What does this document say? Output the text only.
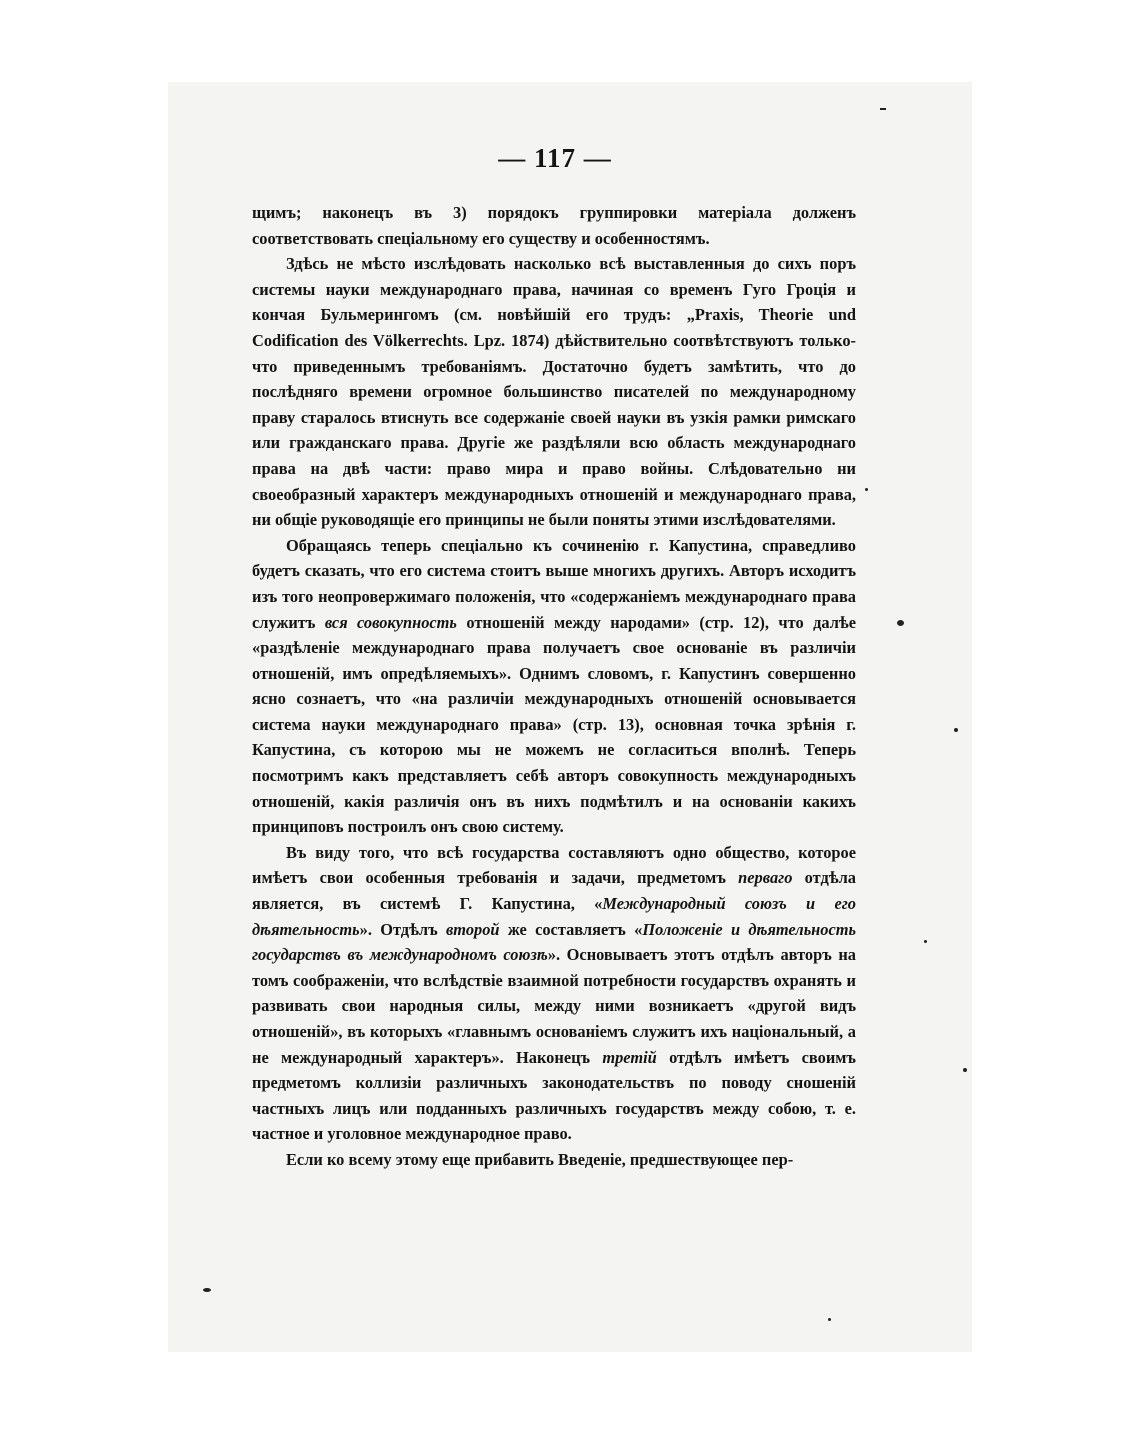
— 117 —

щимъ; наконецъ въ 3) порядокъ группировки матеріала долженъ соответствовать спеціальному его существу и особенностямъ.

Здѣсь не мѣсто изслѣдовать насколько всѣ выставленныя до сихъ поръ системы науки международнаго права, начиная со временъ Гуго Гроція и кончая Бульмерингомъ (см. новѣйшій его трудъ: „Praxis, Theorie und Codification des Völkerrechts. Lpz. 1874) дѣйствительно соотвѣтствуютъ только-что приведеннымъ требованіямъ. Достаточно будетъ замѣтить, что до послѣдняго времени огромное большинство писателей по международному праву старалось втиснуть все содержаніе своей науки въ узкія рамки римскаго или гражданскаго права. Другіе же раздѣляли всю область международнаго права на двѣ части: право мира и право войны. Слѣдовательно ни своеобразный характеръ международныхъ отношеній и международнаго права, ни общіе руководящіе его принципы не были поняты этими изслѣдователями.

Обращаясь теперь спеціально къ сочиненію г. Капустина, справедливо будетъ сказать, что его система стоитъ выше многихъ другихъ. Авторъ исходитъ изъ того неопровержимаго положенія, что «содержаніемъ международнаго права служитъ вся совокупность отношеній между народами» (стр. 12), что далѣе «раздѣленіе международнаго права получаетъ свое основаніе въ различіи отношеній, имъ опредѣляемыхъ». Однимъ словомъ, г. Капустинъ совершенно ясно сознаетъ, что «на различіи международныхъ отношеній основывается система науки международнаго права» (стр. 13), основная точка зрѣнія г. Капустина, съ которою мы не можемъ не согласиться вполнѣ. Теперь посмотримъ какъ представляетъ себѣ авторъ совокупность международныхъ отношеній, какія различія онъ въ нихъ подмѣтилъ и на основаніи какихъ принциповъ построилъ онъ свою систему.

Въ виду того, что всѣ государства составляютъ одно общество, которое имѣетъ свои особенныя требованія и задачи, предметомъ перваго отдѣла является, въ системѣ Г. Капустина, «Международный союзъ и его дѣятельность». Отдѣлъ второй же составляетъ «Положеніе и дѣятельность государствъ въ международномъ союзѣ». Основываетъ этотъ отдѣлъ авторъ на томъ соображеніи, что вслѣдствіе взаимной потребности государствъ охранять и развивать свои народныя силы, между ними возникаетъ «другой видъ отношеній», въ которыхъ «главнымъ основаніемъ служитъ ихъ національный, а не международный характеръ». Наконецъ третій отдѣлъ имѣетъ своимъ предметомъ коллизіи различныхъ законодательствъ по поводу сношеній частныхъ лицъ или подданныхъ различныхъ государствъ между собою, т. е. частное и уголовное международное право.

Если ко всему этому еще прибавить Введеніе, предшествующее пер-
